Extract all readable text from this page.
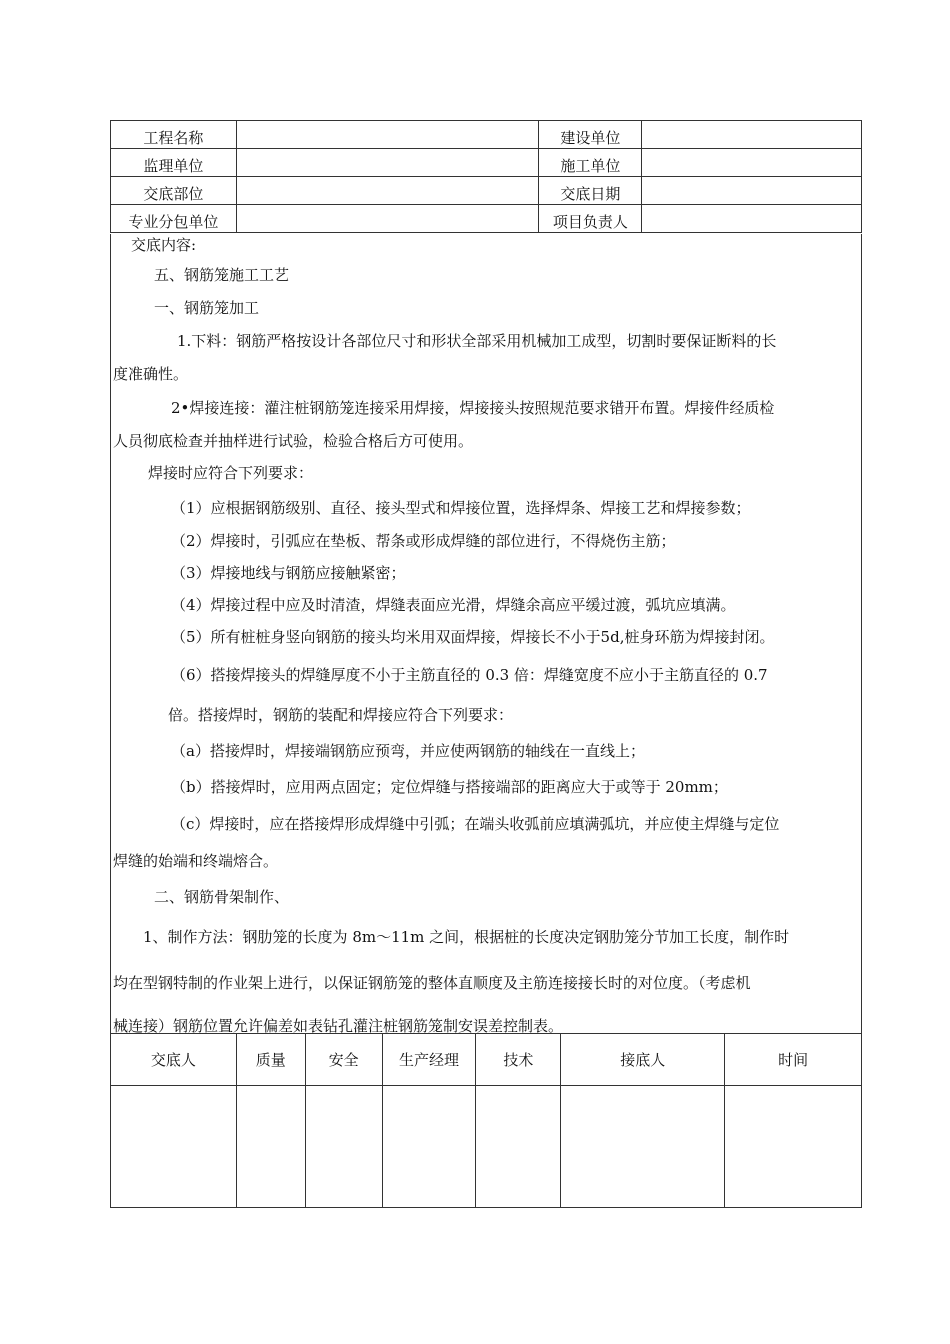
工程名称		建设单位	
监理单位		施工单位	
交底部位		交底日期	
专业分包单位		项目负责人	
交底内容:
五、钢筋笼施工工艺
一、钢筋笼加工
1.下料：钢筋严格按设计各部位尺寸和形状全部采用机械加工成型，切割时要保证断料的长
度准确性。
2•焊接连接：灌注桩钢筋笼连接采用焊接，焊接接头按照规范要求错开布置。焊接件经质检
人员彻底检查并抽样进行试验，检验合格后方可使用。
焊接时应符合下列要求：
（1）应根据钢筋级别、直径、接头型式和焊接位置，选择焊条、焊接工艺和焊接参数；
（2）焊接时，引弧应在垫板、帮条或形成焊缝的部位进行，不得烧伤主筋；
（3）焊接地线与钢筋应接触紧密；
（4）焊接过程中应及时清渣，焊缝表面应光滑，焊缝余高应平缓过渡，弧坑应填满。
（5）所有桩桩身竖向钢筋的接头均米用双面焊接，焊接长不小于5d,桩身环筋为焊接封闭。
（6）搭接焊接头的焊缝厚度不小于主筋直径的 0.3 倍：焊缝宽度不应小于主筋直径的 0.7
倍。搭接焊时，钢筋的装配和焊接应符合下列要求：
（a）搭接焊时，焊接端钢筋应预弯，并应使两钢筋的轴线在一直线上；
（b）搭接焊时，应用两点固定；定位焊缝与搭接端部的距离应大于或等于 20mm；
（c）焊接时，应在搭接焊形成焊缝中引弧；在端头收弧前应填满弧坑，并应使主焊缝与定位
焊缝的始端和终端熔合。
二、钢筋骨架制作、
1、制作方法：钢肋笼的长度为 8m〜11m 之间，根据桩的长度决定钢肋笼分节加工长度，制作时
均在型钢特制的作业架上进行，以保证钢筋笼的整体直顺度及主筋连接接长时的对位度。（考虑机
械连接）钢筋位置允许偏差如表钻孔灌注桩钢筋笼制安误差控制表。
交底人	质量	安全	生产经理	技术	接底人	时间
